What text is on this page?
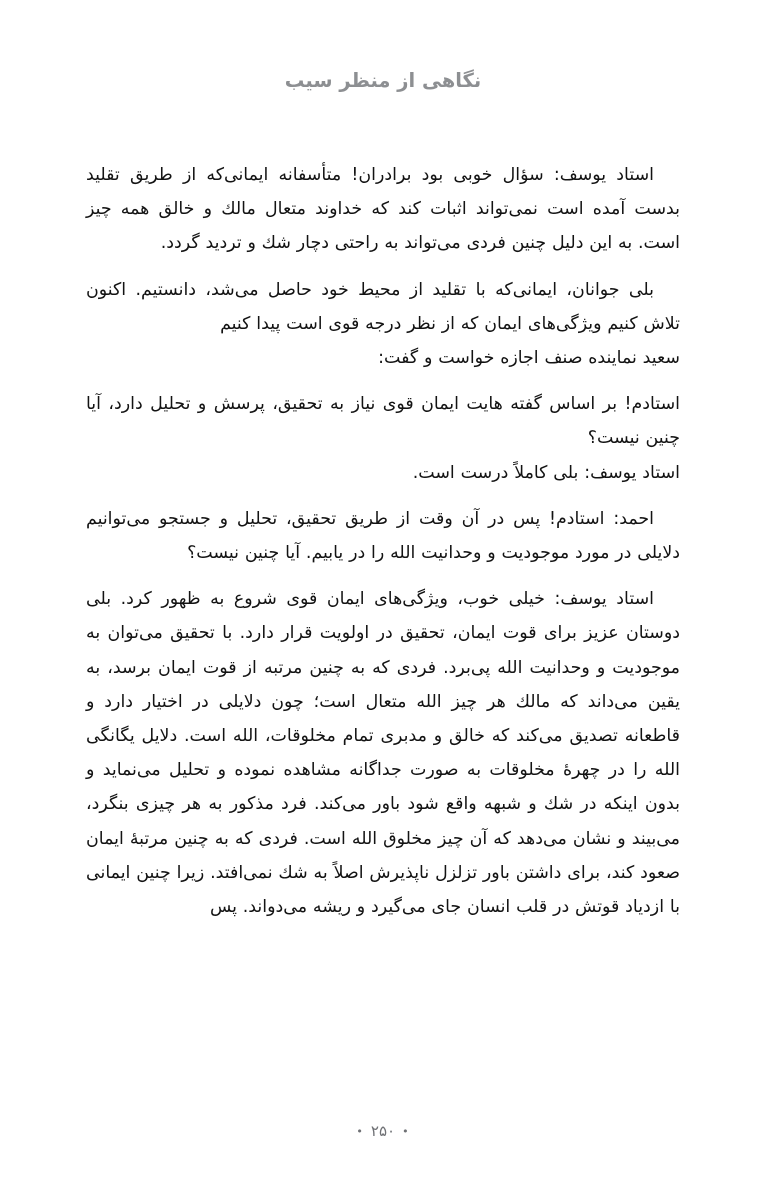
نگاهی از منظر سیب

استاد یوسف: سؤال خوبی بود برادران! متأسفانه ایمانی‌که از طریق تقلید بدست آمده است نمی‌تواند اثبات کند که خداوند متعال مالك و خالق همه چیز است. به این دلیل چنین فردی می‌تواند به راحتی دچار شك و تردید گردد.

بلی جوانان، ایمانی‌که با تقلید از محیط خود حاصل می‌شد، دانستیم. اکنون تلاش کنیم ویژگی‌های ایمان که از نظر درجه قوی است پیدا کنیم

سعید نماینده صنف اجازه خواست و گفت:

استادم! بر اساس گفته هایت ایمان قوی نیاز به تحقیق، پرسش و تحلیل دارد، آیا چنین نیست؟

استاد یوسف: بلی کاملاً درست است.

احمد: استادم! پس در آن وقت از طریق تحقیق، تحلیل و جستجو می‌توانیم دلایلی در مورد موجودیت و وحدانیت الله را در یابیم. آیا چنین نیست؟

استاد یوسف: خیلی خوب، ویژگی‌های ایمان قوی شروع به ظهور کرد. بلی دوستان عزیز برای قوت ایمان، تحقیق در اولویت قرار دارد. با تحقیق می‌توان به موجودیت و وحدانیت الله پی‌برد. فردی که به چنین مرتبه از قوت ایمان برسد، به یقین می‌داند که مالك هر چیز الله متعال است؛ چون دلایلی در اختیار دارد و قاطعانه تصدیق می‌کند که خالق و مدبری تمام مخلوقات، الله است. دلایل یگانگی الله را در چهرهٔ مخلوقات به صورت جداگانه مشاهده نموده و تحلیل می‌نماید و بدون اینکه در شك و شبهه واقع شود باور می‌کند. فرد مذکور به هر چیزی بنگرد، می‌بیند و نشان می‌دهد که آن چیز مخلوق الله است. فردی که به چنین مرتبهٔ ایمان صعود کند، برای داشتن باور تزلزل ناپذیرش اصلاً به شك نمی‌افتد. زیرا چنین ایمانی با ازدیاد قوتش در قلب انسان جای می‌گیرد و ریشه می‌دواند. پس

•۲۵۰•
